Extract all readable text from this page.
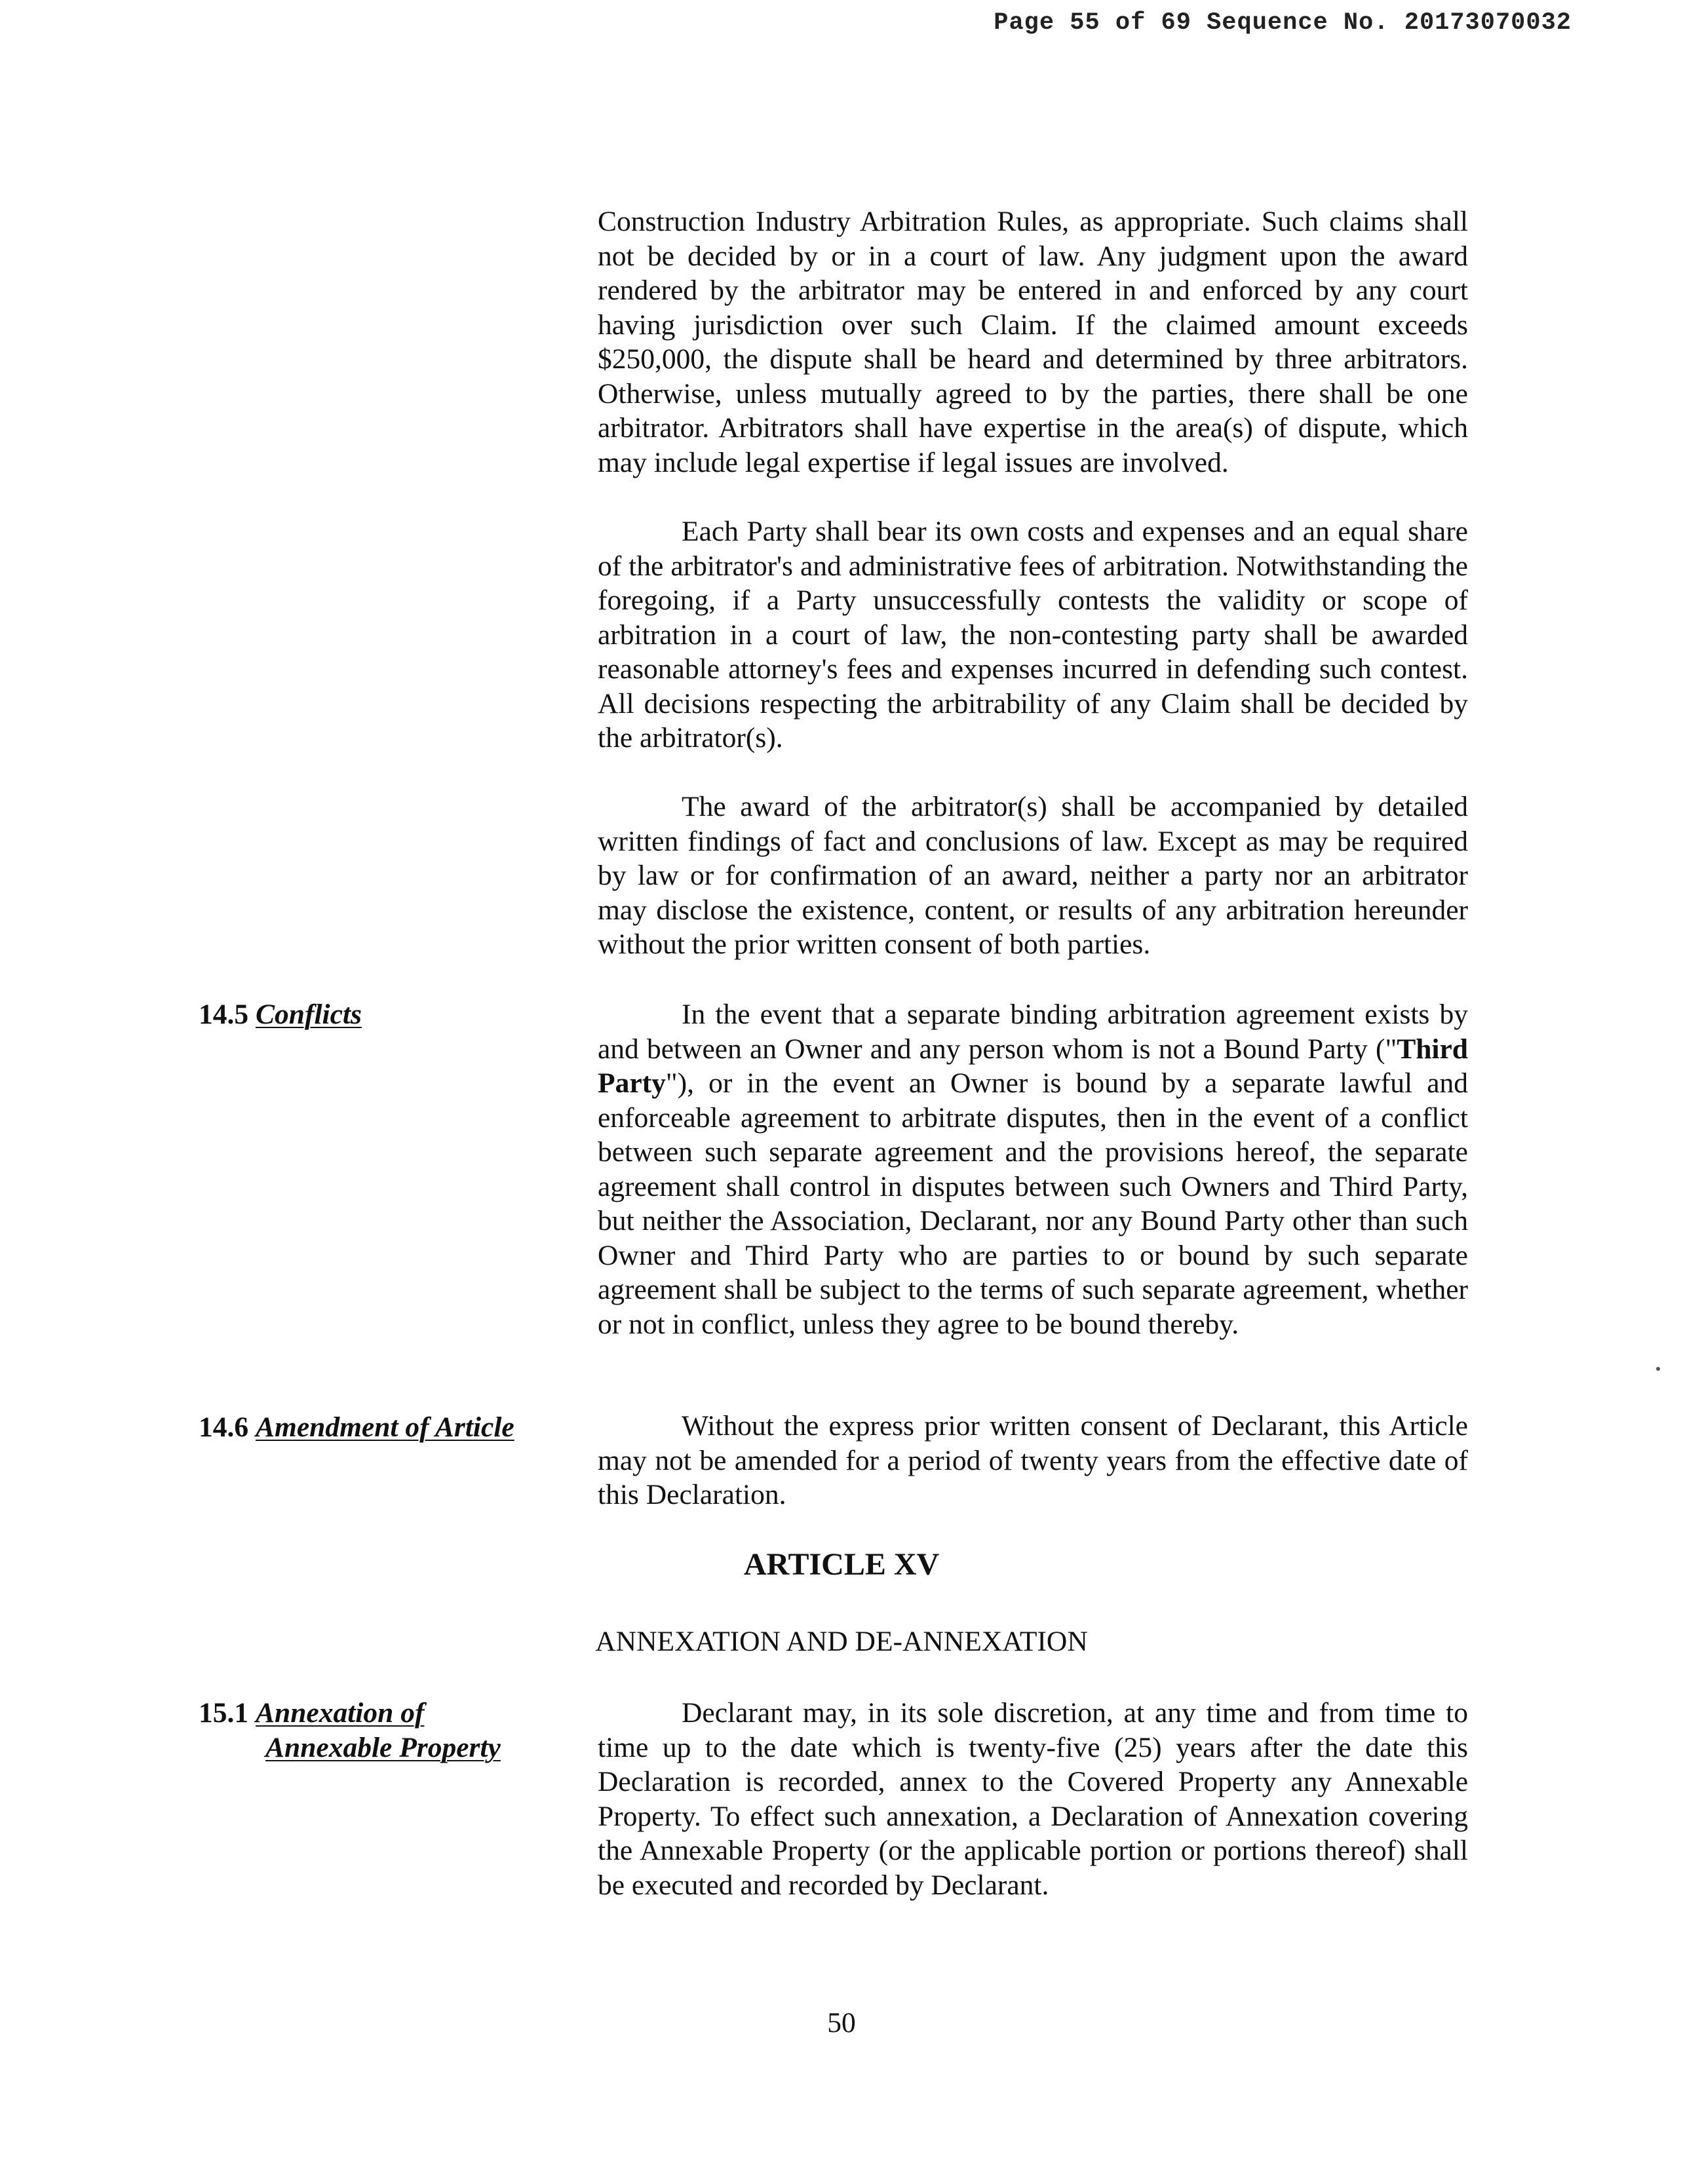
Page 55 of 69 Sequence No. 20173070032

Construction Industry Arbitration Rules, as appropriate. Such claims shall not be decided by or in a court of law. Any judgment upon the award rendered by the arbitrator may be entered in and enforced by any court having jurisdiction over such Claim. If the claimed amount exceeds $250,000, the dispute shall be heard and determined by three arbitrators. Otherwise, unless mutually agreed to by the parties, there shall be one arbitrator. Arbitrators shall have expertise in the area(s) of dispute, which may include legal expertise if legal issues are involved.

Each Party shall bear its own costs and expenses and an equal share of the arbitrator's and administrative fees of arbitration. Notwithstanding the foregoing, if a Party unsuccessfully contests the validity or scope of arbitration in a court of law, the non-contesting party shall be awarded reasonable attorney's fees and expenses incurred in defending such contest. All decisions respecting the arbitrability of any Claim shall be decided by the arbitrator(s).

The award of the arbitrator(s) shall be accompanied by detailed written findings of fact and conclusions of law. Except as may be required by law or for confirmation of an award, neither a party nor an arbitrator may disclose the existence, content, or results of any arbitration hereunder without the prior written consent of both parties.

14.5 Conflicts	In the event that a separate binding arbitration agreement exists by and between an Owner and any person whom is not a Bound Party ("Third Party"), or in the event an Owner is bound by a separate lawful and enforceable agreement to arbitrate disputes, then in the event of a conflict between such separate agreement and the provisions hereof, the separate agreement shall control in disputes between such Owners and Third Party, but neither the Association, Declarant, nor any Bound Party other than such Owner and Third Party who are parties to or bound by such separate agreement shall be subject to the terms of such separate agreement, whether or not in conflict, unless they agree to be bound thereby.

14.6 Amendment of Article	Without the express prior written consent of Declarant, this Article may not be amended for a period of twenty years from the effective date of this Declaration.

ARTICLE XV
ANNEXATION AND DE-ANNEXATION
15.1 Annexation of
Annexable Property

Declarant may, in its sole discretion, at any time and from time to time up to the date which is twenty-five (25) years after the date this Declaration is recorded, annex to the Covered Property any Annexable Property. To effect such annexation, a Declaration of Annexation covering the Annexable Property (or the applicable portion or portions thereof) shall be executed and recorded by Declarant.

50
